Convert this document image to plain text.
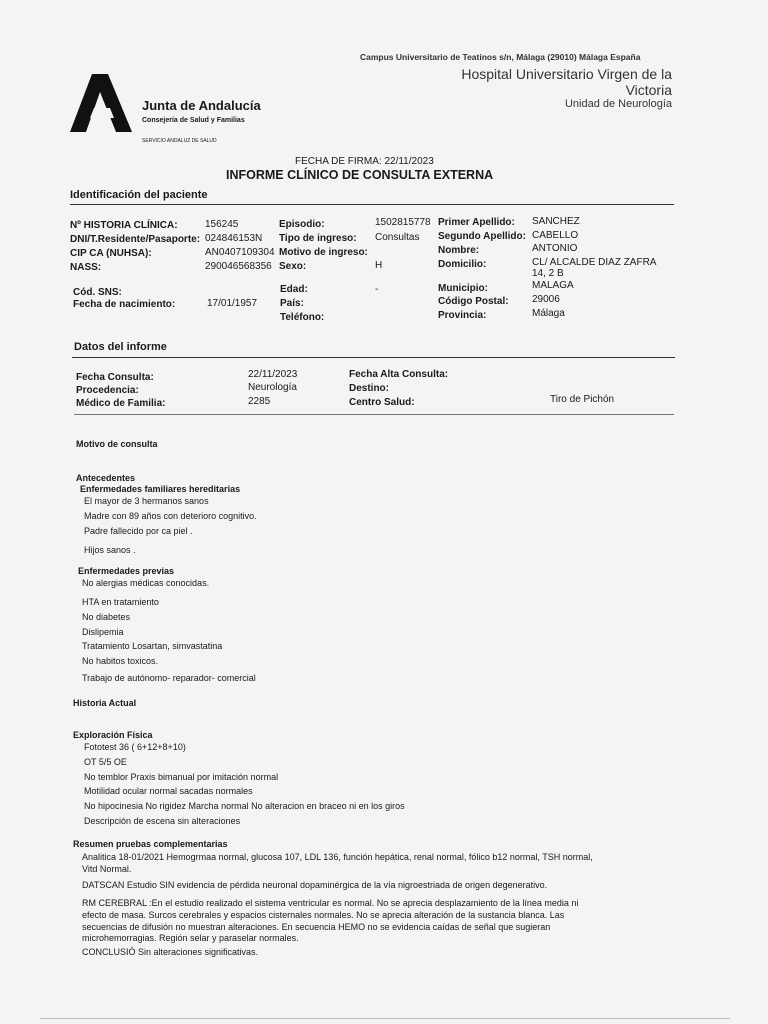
Campus Universitario de Teatinos s/n, Málaga (29010) Málaga España
Hospital Universitario Virgen de la
Victoria
Unidad de Neurología
Junta de Andalucía
Consejería de Salud y Familias
SERVICIO ANDALUZ DE SALUD
FECHA DE FIRMA: 22/11/2023
INFORME CLÍNICO DE CONSULTA EXTERNA
Identificación del paciente
Nº HISTORIA CLÍNICA:	156245	Episodio:	1502815778 Primer Apellido: SANCHEZ
DNI/T.Residente/Pasaporte: 024846153N Tipo de ingreso: Consultas Segundo Apellido: CABELLO
CIP CA (NUHSA):	AN0407109304 Motivo de ingreso:	Nombre:	ANTONIO
NASS:	290046568356 Sexo:	H	Domicilio:	CL/ ALCALDE DIAZ ZAFRA
14, 2 B
Edad:	-	Municipio:	MALAGA
Cód. SNS:
Fecha de nacimiento:	17/01/1957 País:	Código Postal: 29006
Teléfono:	Provincia:	Málaga
Datos del informe
Fecha Consulta:	22/11/2023	Fecha Alta Consulta:
Procedencia:	Neurología	Destino:
Médico de Familia:	2285	Centro Salud:	Tiro de Pichón
Motivo de consulta
Antecedentes
Enfermedades familiares hereditarias
El mayor de 3 hermanos sanos
Madre con 89 años con deterioro cognitivo.
Padre fallecido por ca piel .
Hijos sanos .
Enfermedades previas
No alergias médicas conocidas.
HTA en tratamiento
No diabetes
Dislipemia
Tratamiento Losartan, simvastatina
No habitos toxicos.
Trabajo de autónomo- reparador- comercial
Historia Actual
Exploración Física
Fototest 36 ( 6+12+8+10)
OT 5/5 OE
No temblor Praxis bimanual por imitación normal
Motilidad ocular normal sacadas normales
No hipocinesia No rigidez Marcha normal No alteracion en braceo ni en los giros
Descripción de escena sin alteraciones
Resumen pruebas complementarias
Analitica 18-01/2021 Hemogrmaa normal, glucosa 107, LDL 136, función hepática, renal normal, fólico b12 normal, TSH normal,
Vitd Normal.
DATSCAN Estudio SIN evidencia de pérdida neuronal dopaminérgica de la vía nigroestriada de origen degenerativo.
RM CEREBRAL :En el estudio realizado el sistema ventricular es normal. No se aprecia desplazamiento de la línea media ni
efecto de masa. Surcos cerebrales y espacios cisternales normales. No se aprecia alteración de la sustancia blanca. Las
secuencias de difusión no muestran alteraciones. En secuencia HEMO no se evidencia caídas de señal que sugieran
microhemorragias. Región selar y paraselar normales.
CONCLUSIÓ Sin alteraciones significativas.
